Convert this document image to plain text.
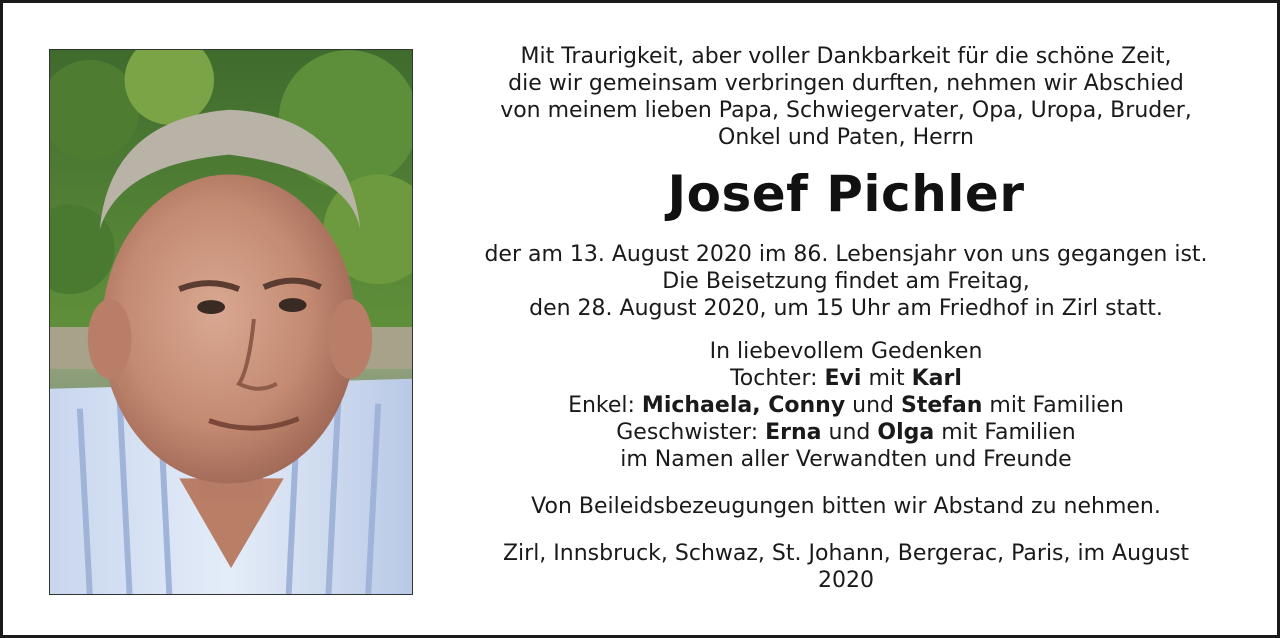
Mit Traurigkeit, aber voller Dankbarkeit für die schöne Zeit,

die wir gemeinsam verbringen durften, nehmen wir Abschied

von meinem lieben Papa, Schwiegervater, Opa, Uropa, Bruder,

Onkel und Paten, Herrn

Josef Pichler

der am 13. August 2020 im 86. Lebensjahr von uns gegangen ist.

Die Beisetzung findet am Freitag,

den 28. August 2020, um 15 Uhr am Friedhof in Zirl statt.

In liebevollem Gedenken

Tochter: Evi mit Karl

Enkel: Michaela, Conny und Stefan mit Familien

Geschwister: Erna und Olga mit Familien

im Namen aller Verwandten und Freunde

Von Beileidsbezeugungen bitten wir Abstand zu nehmen.

Zirl, Innsbruck, Schwaz, St. Johann, Bergerac, Paris, im August 2020
